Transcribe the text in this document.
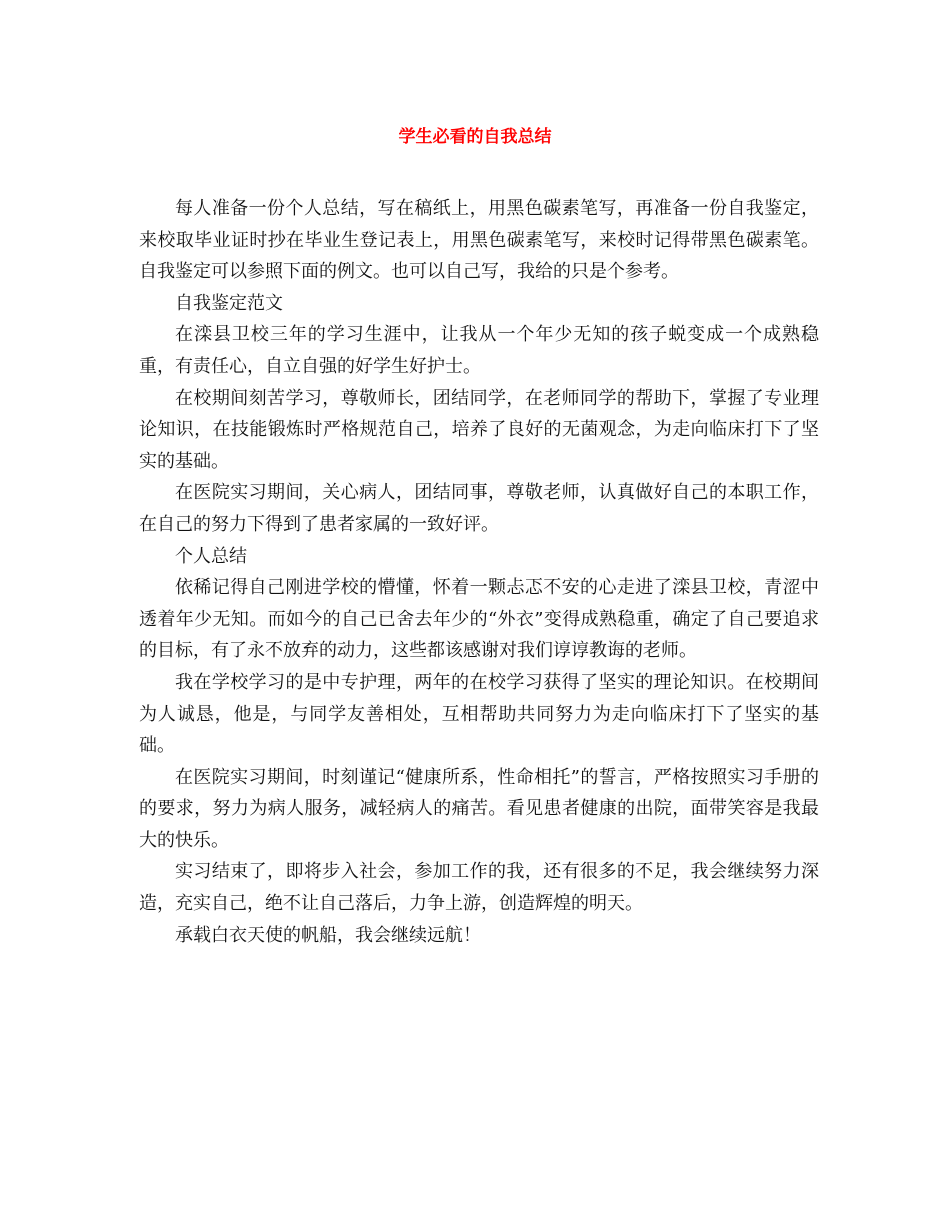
学生必看的自我总结

每人准备一份个人总结，写在稿纸上，用黑色碳素笔写，再准备一份自我鉴定，来校取毕业证时抄在毕业生登记表上，用黑色碳素笔写，来校时记得带黑色碳素笔。自我鉴定可以参照下面的例文。也可以自己写，我给的只是个参考。

自我鉴定范文

在滦县卫校三年的学习生涯中，让我从一个年少无知的孩子蜕变成一个成熟稳重，有责任心，自立自强的好学生好护士。

在校期间刻苦学习，尊敬师长，团结同学，在老师同学的帮助下，掌握了专业理论知识，在技能锻炼时严格规范自己，培养了良好的无菌观念，为走向临床打下了坚实的基础。

在医院实习期间，关心病人，团结同事，尊敬老师，认真做好自己的本职工作，在自己的努力下得到了患者家属的一致好评。

个人总结

依稀记得自己刚进学校的懵懂，怀着一颗忐忑不安的心走进了滦县卫校，青涩中透着年少无知。而如今的自己已舍去年少的“外衣”变得成熟稳重，确定了自己要追求的目标，有了永不放弃的动力，这些都该感谢对我们谆谆教诲的老师。

我在学校学习的是中专护理，两年的在校学习获得了坚实的理论知识。在校期间为人诚恳，他是，与同学友善相处，互相帮助共同努力为走向临床打下了坚实的基础。

在医院实习期间，时刻谨记“健康所系，性命相托”的誓言，严格按照实习手册的的要求，努力为病人服务，减轻病人的痛苦。看见患者健康的出院，面带笑容是我最大的快乐。

实习结束了，即将步入社会，参加工作的我，还有很多的不足，我会继续努力深造，充实自己，绝不让自己落后，力争上游，创造辉煌的明天。

承载白衣天使的帆船，我会继续远航！
